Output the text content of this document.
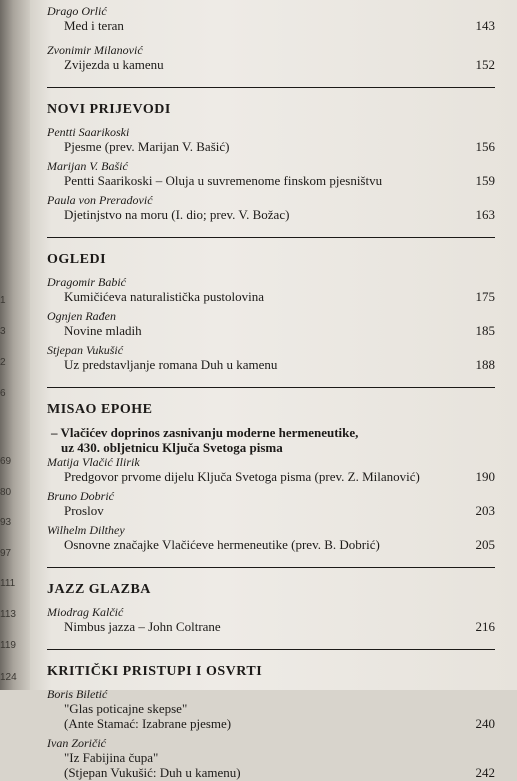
1
3
2
6
69
80
93
97
111
113
119
124
Drago Orlić
Med i teran	143
Zvonimir Milanović
Zvijezda u kamenu	152
NOVI PRIJEVODI
Pentti Saarikoski
Pjesme (prev. Marijan V. Bašić)	156
Marijan V. Bašić
Pentti Saarikoski – Oluja u suvremenome finskom pjesništvu	159
Paula von Preradović
Djetinjstvo na moru (I. dio; prev. V. Božac)	163
OGLEDI
Dragomir Babić
Kumičićeva naturalistička pustolovina	175
Ognjen Rađen
Novine mladih	185
Stjepan Vukušić
Uz predstavljanje romana Duh u kamenu	188
MISAO EPOHE
– Vlačićev doprinos zasnivanju moderne hermeneutike,
uz 430. obljetnicu Ključa Svetoga pisma
Matija Vlačić Ilirik
Predgovor prvome dijelu Ključa Svetoga pisma (prev. Z. Milanović)	190
Bruno Dobrić
Proslov	203
Wilhelm Dilthey
Osnovne značajke Vlačićeve hermeneutike (prev. B. Dobrić)	205
JAZZ GLAZBA
Miodrag Kalčić
Nimbus jazza – John Coltrane	216
KRITIČKI PRISTUPI I OSVRTI
Boris Biletić
"Glas poticajne skepse"
(Ante Stamać: Izabrane pjesme)	240
Ivan Zoričić
"Iz Fabijina čupa"
(Stjepan Vukušić: Duh u kamenu)	242
